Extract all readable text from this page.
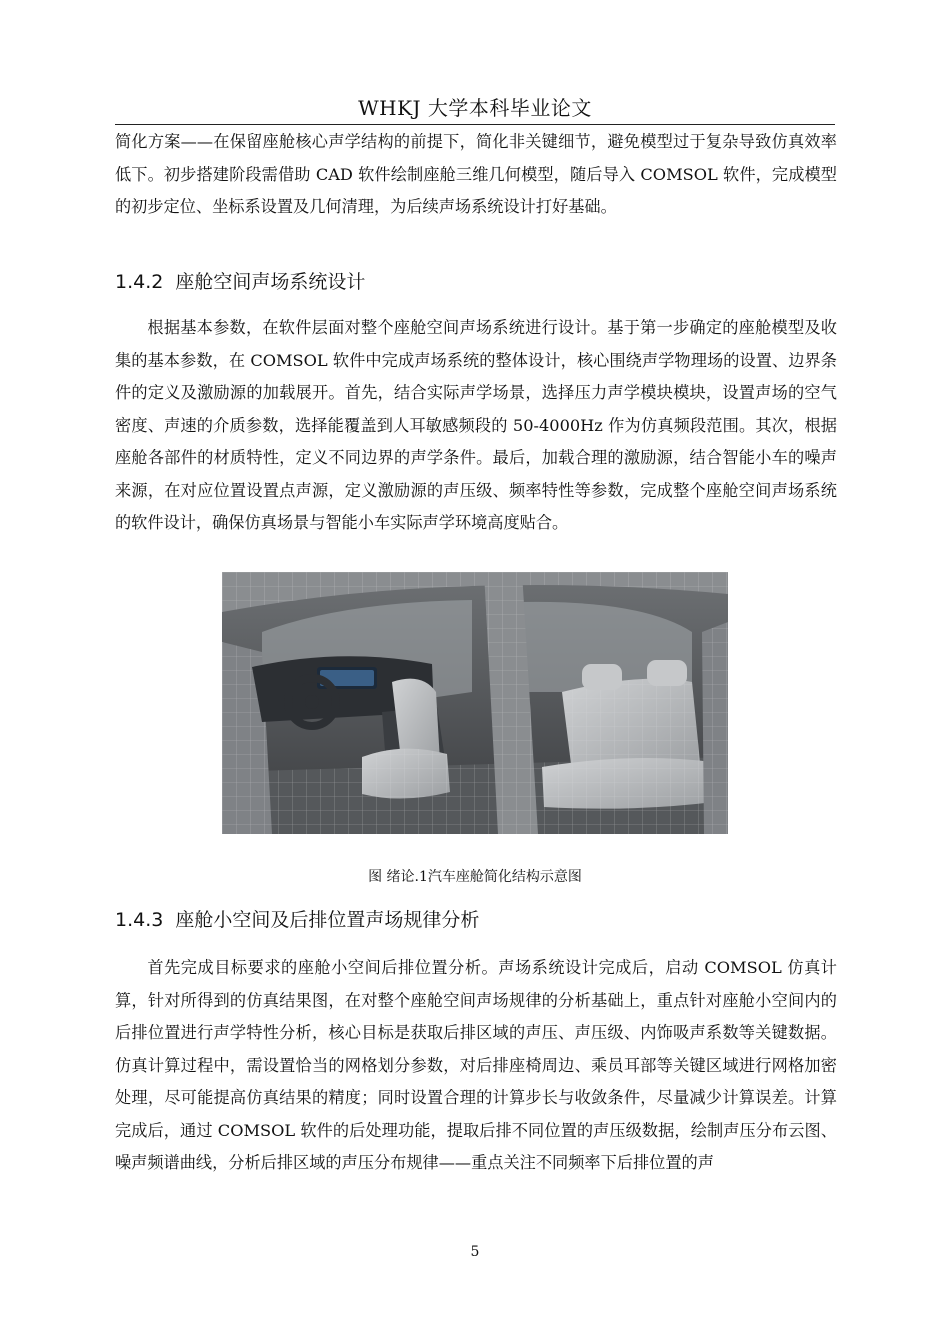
WHKJ 大学本科毕业论文

简化方案——在保留座舱核心声学结构的前提下，简化非关键细节，避免模型过于复杂导致仿真效率低下。初步搭建阶段需借助 CAD 软件绘制座舱三维几何模型，随后导入 COMSOL 软件，完成模型的初步定位、坐标系设置及几何清理，为后续声场系统设计打好基础。

1.4.2 座舱空间声场系统设计

根据基本参数，在软件层面对整个座舱空间声场系统进行设计。基于第一步确定的座舱模型及收集的基本参数，在 COMSOL 软件中完成声场系统的整体设计，核心围绕声学物理场的设置、边界条件的定义及激励源的加载展开。首先，结合实际声学场景，选择压力声学模块模块，设置声场的空气密度、声速的介质参数，选择能覆盖到人耳敏感频段的 50-4000Hz 作为仿真频段范围。其次，根据座舱各部件的材质特性，定义不同边界的声学条件。最后，加载合理的激励源，结合智能小车的噪声来源，在对应位置设置点声源，定义激励源的声压级、频率特性等参数，完成整个座舱空间声场系统的软件设计，确保仿真场景与智能小车实际声学环境高度贴合。

图 绪论.1汽车座舱简化结构示意图
1.4.3 座舱小空间及后排位置声场规律分析

首先完成目标要求的座舱小空间后排位置分析。声场系统设计完成后，启动 COMSOL 仿真计算，针对所得到的仿真结果图，在对整个座舱空间声场规律的分析基础上，重点针对座舱小空间内的后排位置进行声学特性分析，核心目标是获取后排区域的声压、声压级、内饰吸声系数等关键数据。仿真计算过程中，需设置恰当的网格划分参数，对后排座椅周边、乘员耳部等关键区域进行网格加密处理，尽可能提高仿真结果的精度；同时设置合理的计算步长与收敛条件，尽量减少计算误差。计算完成后，通过 COMSOL 软件的后处理功能，提取后排不同位置的声压级数据，绘制声压分布云图、噪声频谱曲线，分析后排区域的声压分布规律——重点关注不同频率下后排位置的声

5
